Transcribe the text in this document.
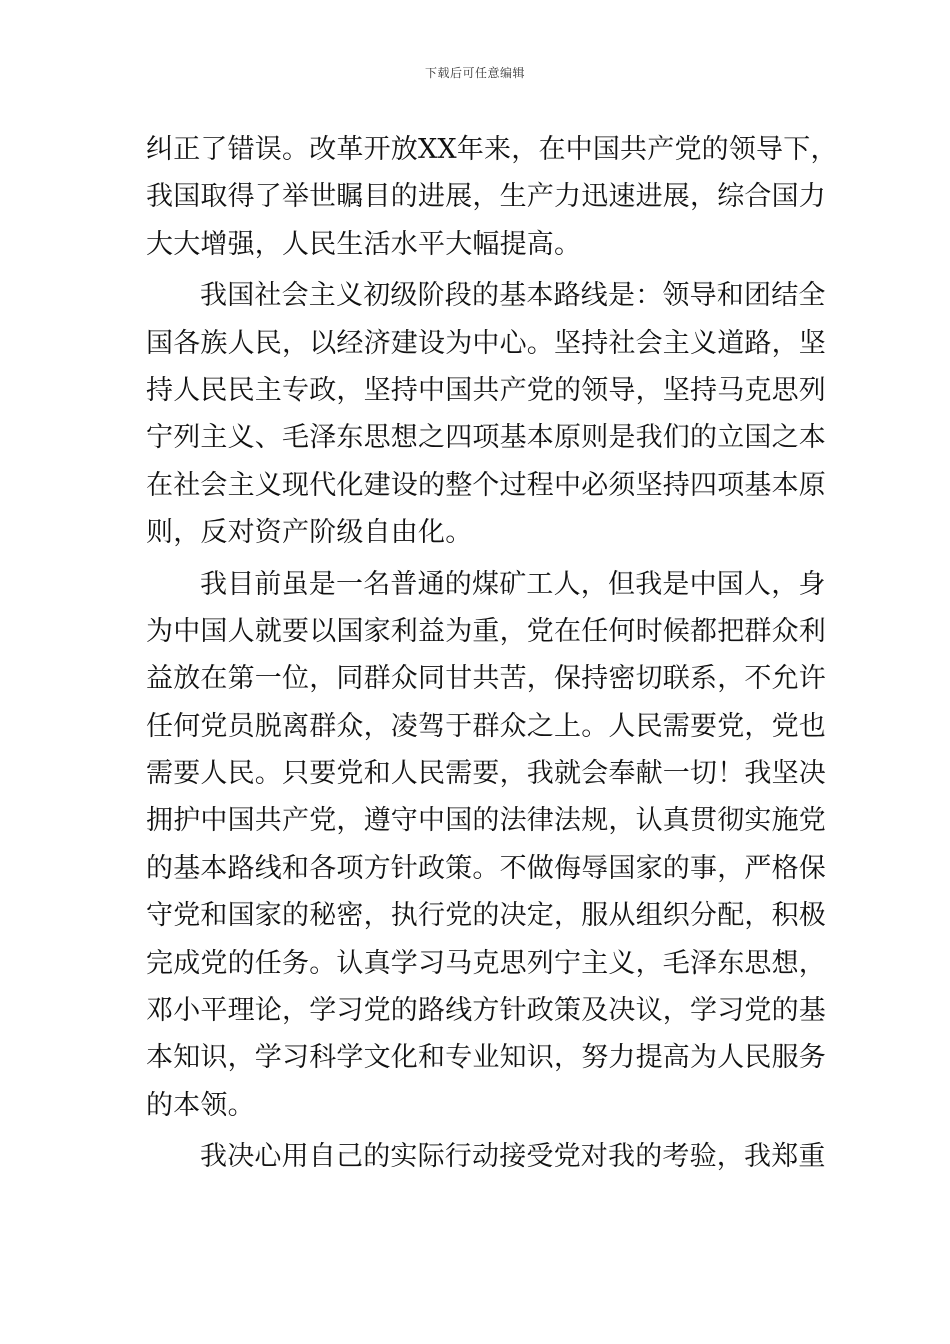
下载后可任意编辑
纠正了错误。改革开放XX年来，在中国共产党的领导下，
我国取得了举世瞩目的进展，生产力迅速进展，综合国力
大大增强，人民生活水平大幅提高。
我国社会主义初级阶段的基本路线是：领导和团结全
国各族人民，以经济建设为中心。坚持社会主义道路，坚
持人民民主专政，坚持中国共产党的领导，坚持马克思列
宁列主义、毛泽东思想之四项基本原则是我们的立国之本
在社会主义现代化建设的整个过程中必须坚持四项基本原
则，反对资产阶级自由化。
我目前虽是一名普通的煤矿工人，但我是中国人，身
为中国人就要以国家利益为重，党在任何时候都把群众利
益放在第一位，同群众同甘共苦，保持密切联系，不允许
任何党员脱离群众，凌驾于群众之上。人民需要党，党也
需要人民。只要党和人民需要，我就会奉献一切！我坚决
拥护中国共产党，遵守中国的法律法规，认真贯彻实施党
的基本路线和各项方针政策。不做侮辱国家的事，严格保
守党和国家的秘密，执行党的决定，服从组织分配，积极
完成党的任务。认真学习马克思列宁主义，毛泽东思想，
邓小平理论，学习党的路线方针政策及决议，学习党的基
本知识，学习科学文化和专业知识，努力提高为人民服务
的本领。
我决心用自己的实际行动接受党对我的考验，我郑重
